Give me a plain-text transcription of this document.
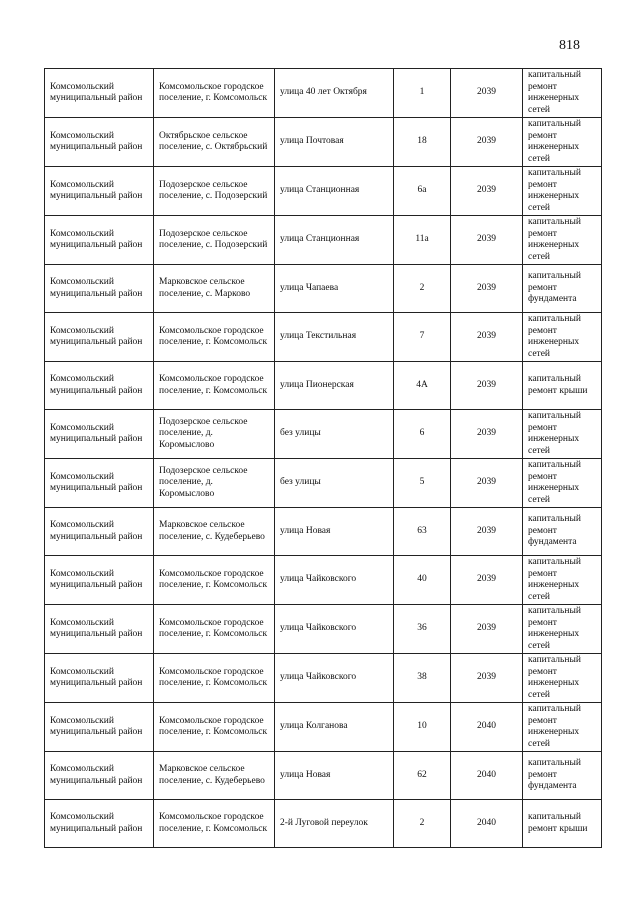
818
Комсомольский муниципальный район	Комсомольское городское поселение, г. Комсомольск	улица 40 лет Октября	1	2039	капитальный ремонт инженерных сетей
Комсомольский муниципальный район	Октябрьское сельское поселение, с. Октябрьский	улица Почтовая	18	2039	капитальный ремонт инженерных сетей
Комсомольский муниципальный район	Подозерское сельское поселение, с. Подозерский	улица Станционная	6а	2039	капитальный ремонт инженерных сетей
Комсомольский муниципальный район	Подозерское сельское поселение, с. Подозерский	улица Станционная	11а	2039	капитальный ремонт инженерных сетей
Комсомольский муниципальный район	Марковское сельское поселение, с. Марково	улица Чапаева	2	2039	капитальный ремонт фундамента
Комсомольский муниципальный район	Комсомольское городское поселение, г. Комсомольск	улица Текстильная	7	2039	капитальный ремонт инженерных сетей
Комсомольский муниципальный район	Комсомольское городское поселение, г. Комсомольск	улица Пионерская	4А	2039	капитальный ремонт крыши
Комсомольский муниципальный район	Подозерское сельское поселение, д. Коромыслово	без улицы	6	2039	капитальный ремонт инженерных сетей
Комсомольский муниципальный район	Подозерское сельское поселение, д. Коромыслово	без улицы	5	2039	капитальный ремонт инженерных сетей
Комсомольский муниципальный район	Марковское сельское поселение, с. Кудеберьево	улица Новая	63	2039	капитальный ремонт фундамента
Комсомольский муниципальный район	Комсомольское городское поселение, г. Комсомольск	улица Чайковского	40	2039	капитальный ремонт инженерных сетей
Комсомольский муниципальный район	Комсомольское городское поселение, г. Комсомольск	улица Чайковского	36	2039	капитальный ремонт инженерных сетей
Комсомольский муниципальный район	Комсомольское городское поселение, г. Комсомольск	улица Чайковского	38	2039	капитальный ремонт инженерных сетей
Комсомольский муниципальный район	Комсомольское городское поселение, г. Комсомольск	улица Колганова	10	2040	капитальный ремонт инженерных сетей
Комсомольский муниципальный район	Марковское сельское поселение, с. Кудеберьево	улица Новая	62	2040	капитальный ремонт фундамента
Комсомольский муниципальный район	Комсомольское городское поселение, г. Комсомольск	2-й Луговой переулок	2	2040	капитальный ремонт крыши
